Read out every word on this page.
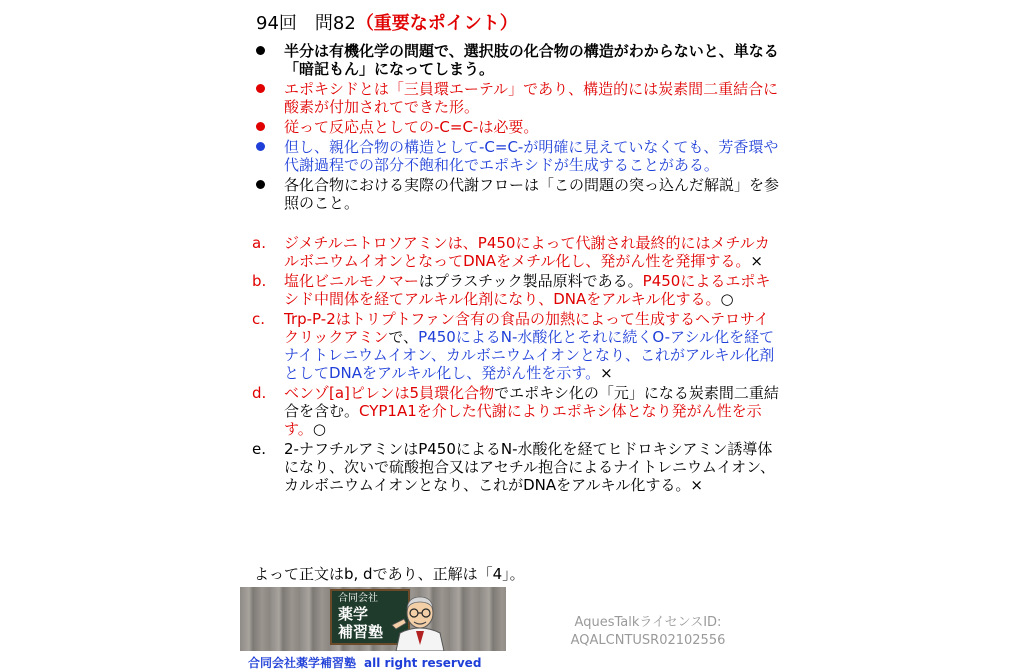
94回　問82（重要なポイント）
半分は有機化学の問題で、選択肢の化合物の構造がわからないと、単なる「暗記もん」になってしまう。
エポキシドとは「三員環エーテル」であり、構造的には炭素間二重結合に酸素が付加されてできた形。
従って反応点としての-C=C-は必要。
但し、親化合物の構造として-C=C-が明確に見えていなくても、芳香環や代謝過程での部分不飽和化でエポキシドが生成することがある。
各化合物における実際の代謝フローは「この問題の突っ込んだ解説」を参照のこと。
a. ジメチルニトロソアミンは、P450によって代謝され最終的にはメチルカルボニウムイオンとなってDNAをメチル化し、発がん性を発揮する。×
b. 塩化ビニルモノマーはプラスチック製品原料である。P450によるエポキシド中間体を経てアルキル化剤になり、DNAをアルキル化する。○
c. Trp-P-2はトリプトファン含有の食品の加熱によって生成するヘテロサイクリックアミンで、P450によるN-水酸化とそれに続くO-アシル化を経てナイトレニウムイオン、カルボニウムイオンとなり、これがアルキル化剤としてDNAをアルキル化し、発がん性を示す。×
d. ベンゾ[a]ピレンは5員環化合物でエポキシ化の「元」になる炭素間二重結合を含む。CYP1A1を介した代謝によりエポキシ体となり発がん性を示す。○
e. 2-ナフチルアミンはP450によるN-水酸化を経てヒドロキシアミン誘導体になり、次いで硫酸抱合又はアセチル抱合によるナイトレニウムイオン、カルボニウムイオンとなり、これがDNAをアルキル化する。×
よって正文はb, dであり、正解は「4」。
合同会社
薬学
補習塾
合同会社薬学補習塾 all right reserved
AquesTalkライセンスID:
AQALCNTUSR02102556
